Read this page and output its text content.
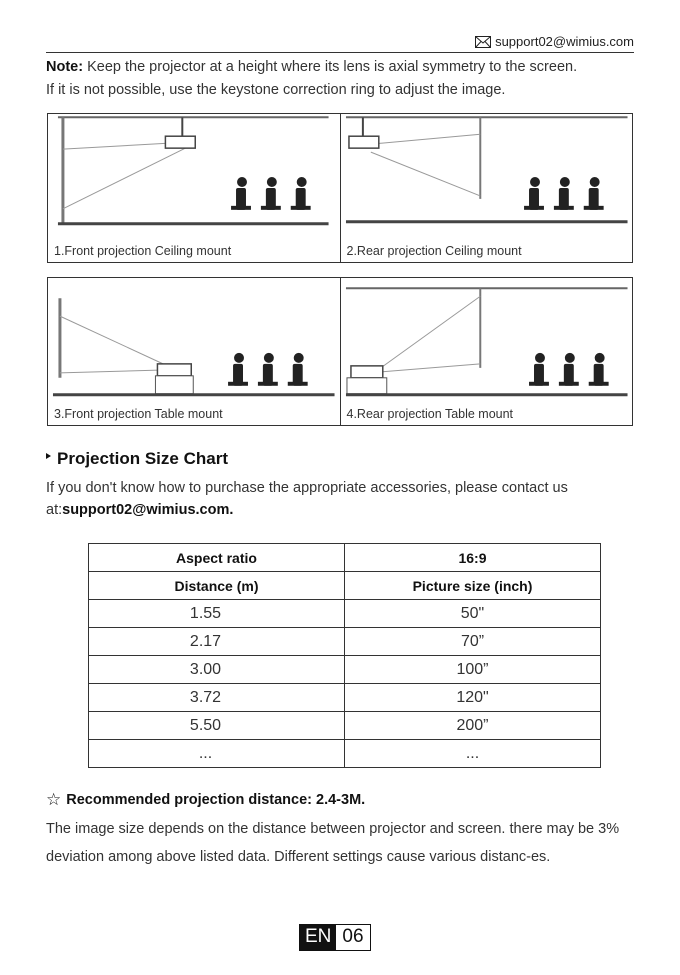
support02@wimius.com
Note: Keep the projector at a height where its lens is axial symmetry to the screen.
If it is not possible, use the keystone correction ring to adjust the image.
1.Front projection Ceiling mount	2.Rear projection Ceiling mount
3.Front projection Table mount	4.Rear projection Table mount
Projection Size Chart
If you don't know how to purchase the appropriate accessories, please contact us at:support02@wimius.com.
Aspect ratio	16:9
Distance (m)	Picture size (inch)
1.55	50"
2.17	70”
3.00	100”
3.72	120"
5.50	200”
...	...
☆ Recommended projection distance: 2.4-3M.
The image size depends on the distance between projector and screen. there may be 3% deviation among above listed data. Different settings cause various distanc-es.
EN 06
